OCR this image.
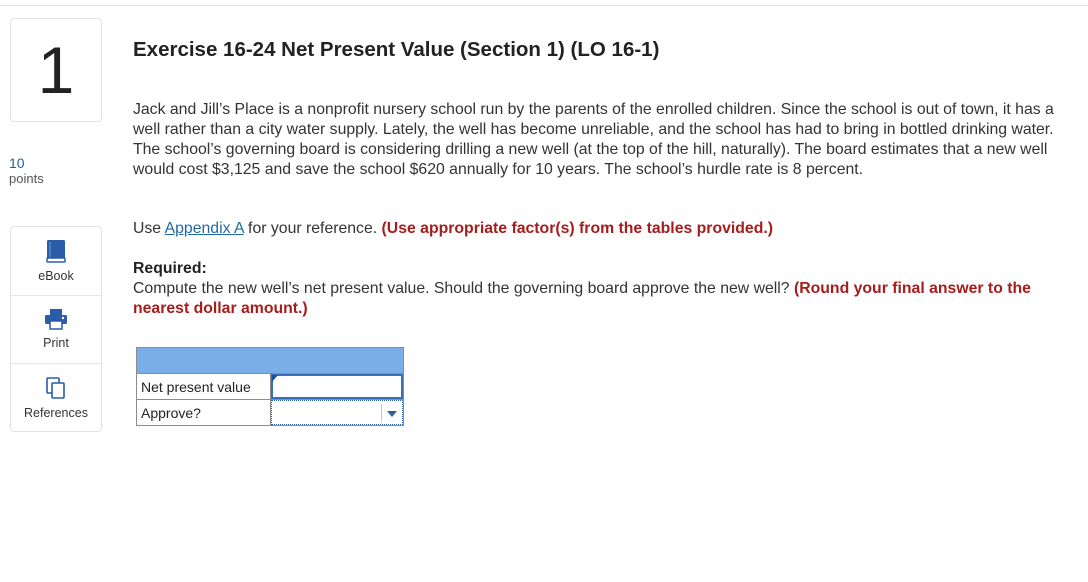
1
10
points
eBook
Print
References
Exercise 16-24 Net Present Value (Section 1) (LO 16-1)

Jack and Jill’s Place is a nonprofit nursery school run by the parents of the enrolled children. Since the school is out of town, it has a well rather than a city water supply. Lately, the well has become unreliable, and the school has had to bring in bottled drinking water. The school’s governing board is considering drilling a new well (at the top of the hill, naturally). The board estimates that a new well would cost $3,125 and save the school $620 annually for 10 years. The school’s hurdle rate is 8 percent.

Use Appendix A for your reference. (Use appropriate factor(s) from the tables provided.)

Required:
Compute the new well’s net present value. Should the governing board approve the new well? (Round your final answer to the nearest dollar amount.)

Net present value	

Approve?	
